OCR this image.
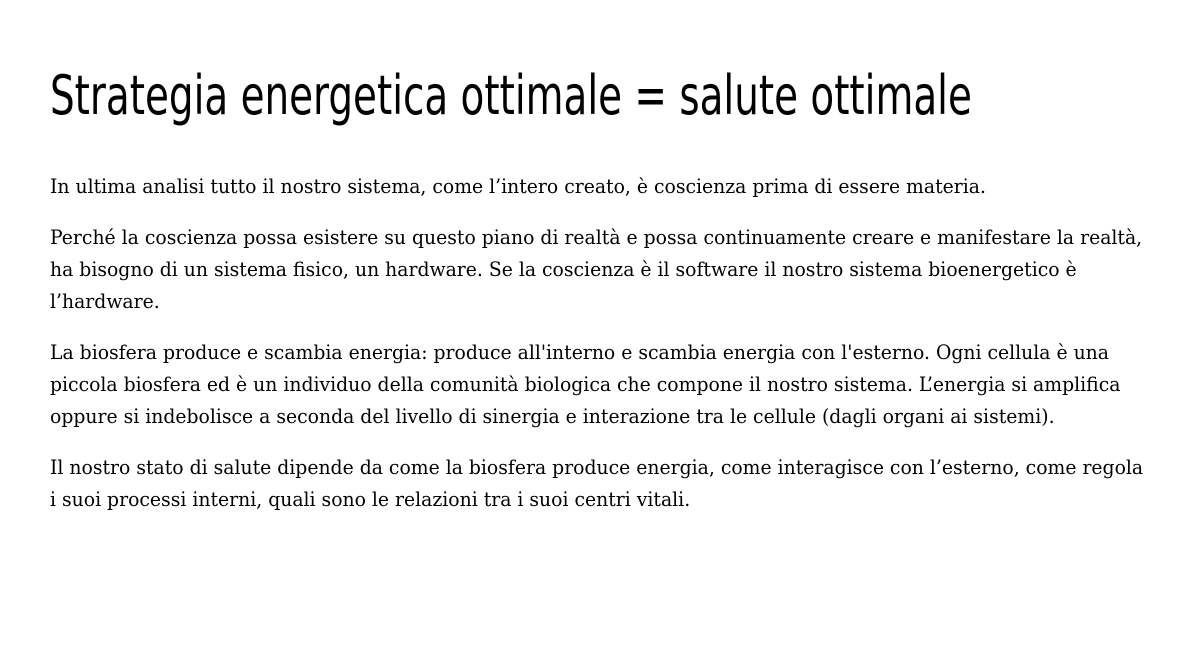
Strategia energetica ottimale = salute ottimale

In ultima analisi tutto il nostro sistema, come l’intero creato, è coscienza prima di essere materia.

Perché la coscienza possa esistere su questo piano di realtà e possa continuamente creare e manifestare la realtà, ha bisogno di un sistema fisico, un hardware. Se la coscienza è il software il nostro sistema bioenergetico è l’hardware.

La biosfera produce e scambia energia: produce all'interno e scambia energia con l'esterno. Ogni cellula è una piccola biosfera ed è un individuo della comunità biologica che compone il nostro sistema. L’energia si amplifica oppure si indebolisce a seconda del livello di sinergia e interazione tra le cellule (dagli organi ai sistemi).

Il nostro stato di salute dipende da come la biosfera produce energia, come interagisce con l’esterno, come regola i suoi processi interni, quali sono le relazioni tra i suoi centri vitali.
